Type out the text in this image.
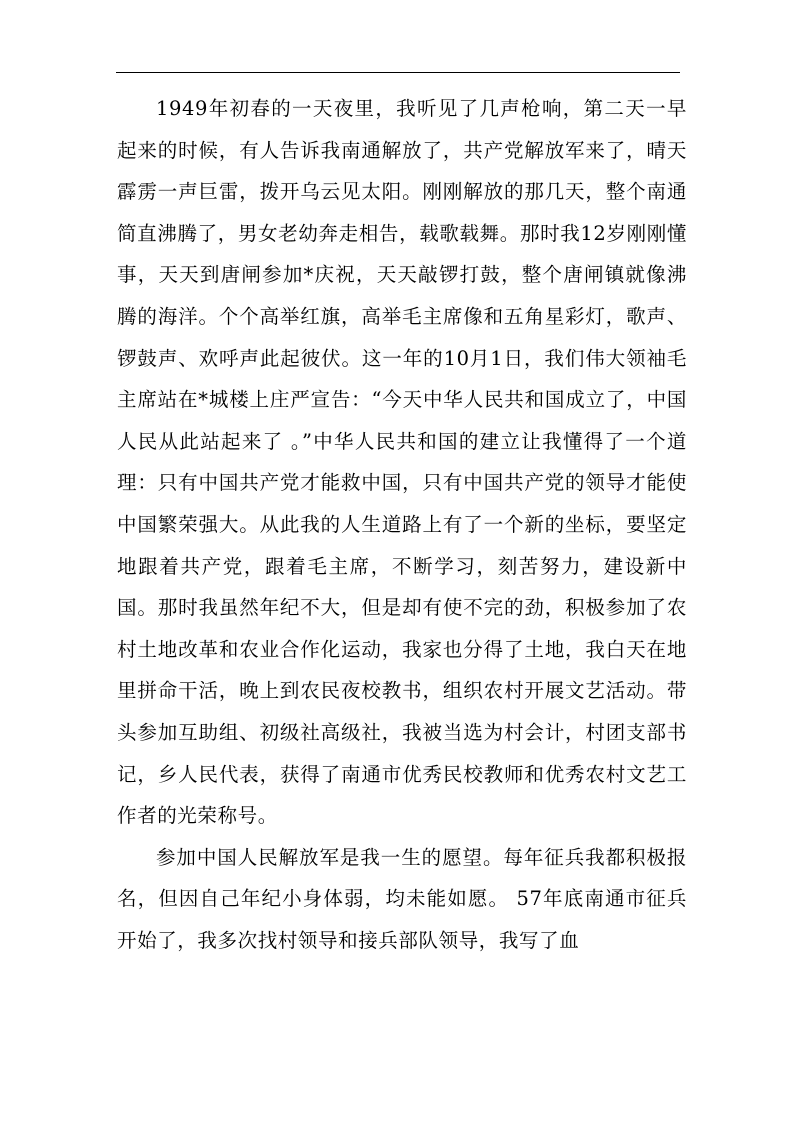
1949年初春的一天夜里，我听见了几声枪响，第二天一早起来的时候，有人告诉我南通解放了，共产党解放军来了，晴天霹雳一声巨雷，拨开乌云见太阳。刚刚解放的那几天，整个南通简直沸腾了，男女老幼奔走相告，载歌载舞。那时我12岁刚刚懂事，天天到唐闸参加*庆祝，天天敲锣打鼓，整个唐闸镇就像沸腾的海洋。个个高举红旗，高举毛主席像和五角星彩灯，歌声、锣鼓声、欢呼声此起彼伏。这一年的10月1日，我们伟大领袖毛主席站在*城楼上庄严宣告：“今天中华人民共和国成立了，中国人民从此站起来了 。”中华人民共和国的建立让我懂得了一个道理：只有中国共产党才能救中国，只有中国共产党的领导才能使中国繁荣强大。从此我的人生道路上有了一个新的坐标，要坚定地跟着共产党，跟着毛主席，不断学习，刻苦努力，建设新中国。那时我虽然年纪不大，但是却有使不完的劲，积极参加了农村土地改革和农业合作化运动，我家也分得了土地，我白天在地里拼命干活，晚上到农民夜校教书，组织农村开展文艺活动。带头参加互助组、初级社高级社，我被当选为村会计，村团支部书记，乡人民代表，获得了南通市优秀民校教师和优秀农村文艺工作者的光荣称号。

参加中国人民解放军是我一生的愿望。每年征兵我都积极报名，但因自己年纪小身体弱，均未能如愿。 57年底南通市征兵开始了，我多次找村领导和接兵部队领导，我写了血
